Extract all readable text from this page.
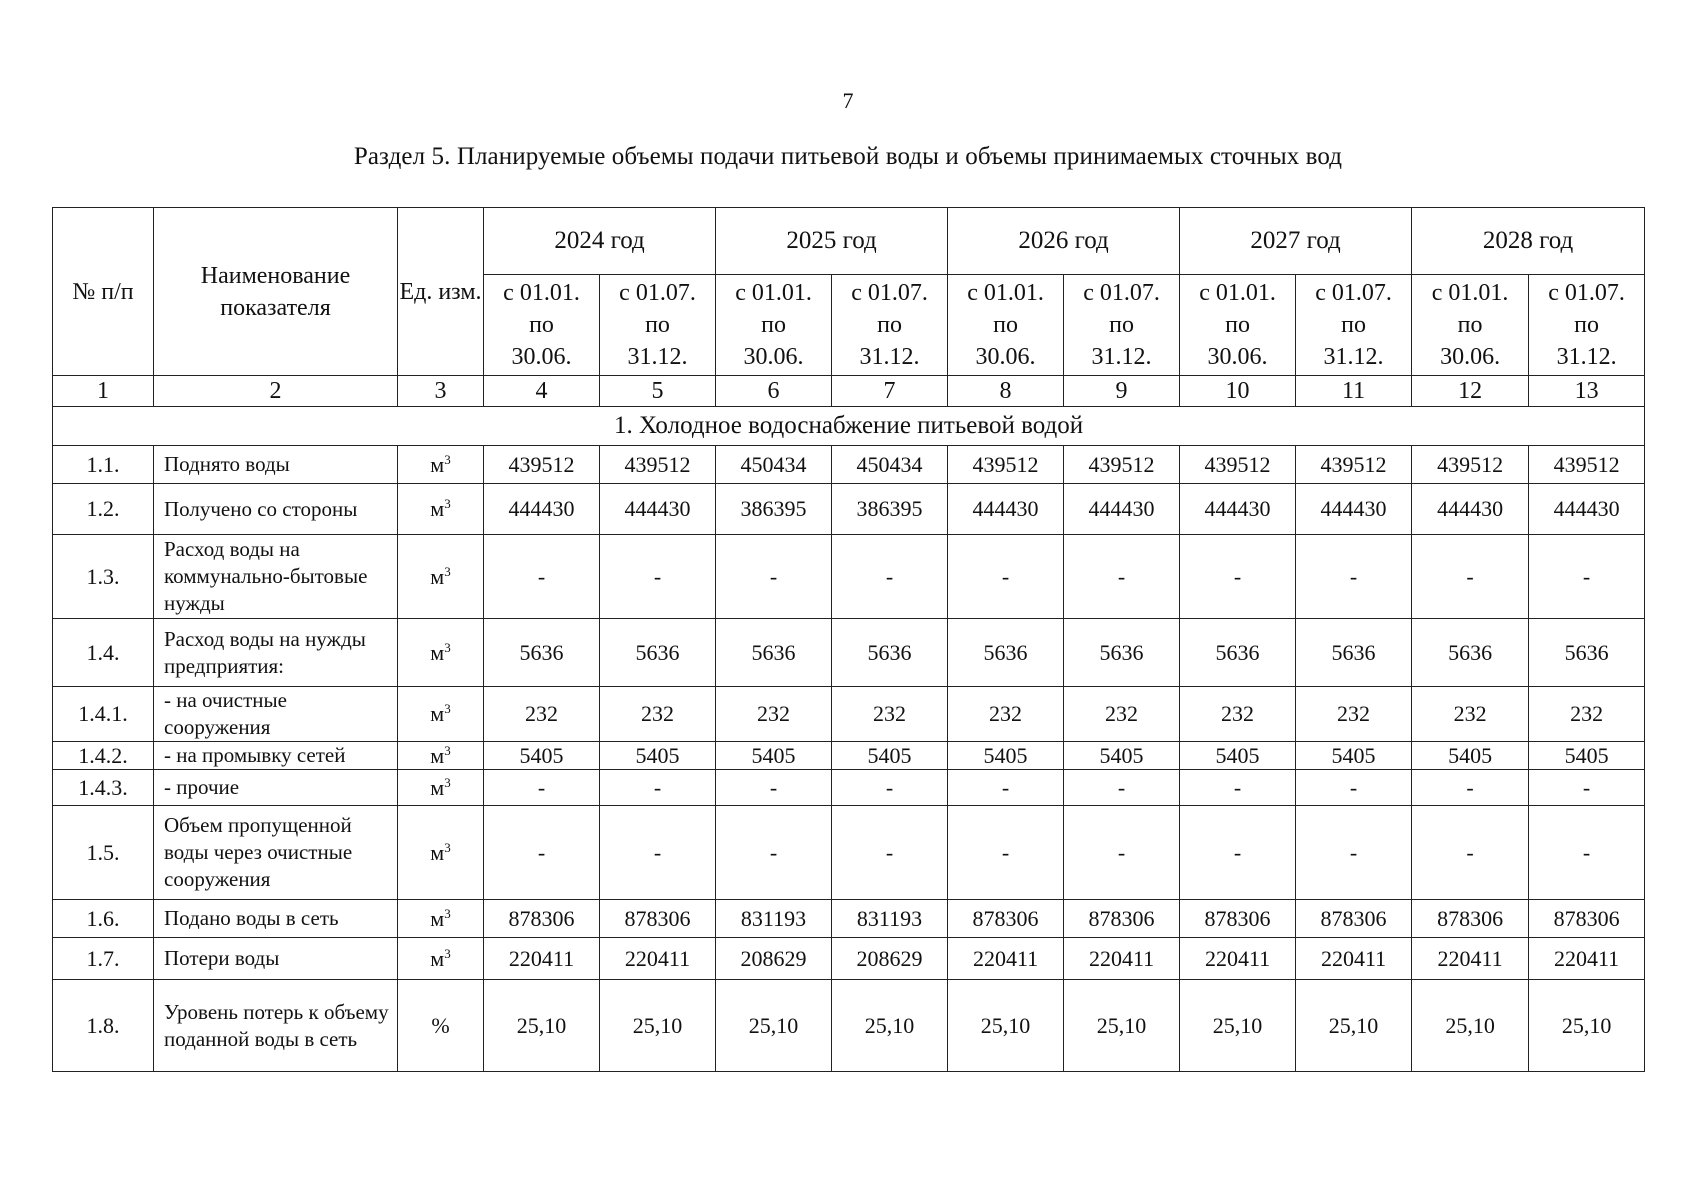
7
Раздел 5. Планируемые объемы подачи питьевой воды и объемы принимаемых сточных вод
№ п/п	Наименование показателя	Ед. изм.	2024 год		2025 год		2026 год		2027 год		2028 год	

			с 01.01.
по
30.06.	с 01.07.
по
31.12.	с 01.01.
по
30.06.	с 01.07.
по
31.12.	с 01.01.
по
30.06.	с 01.07.
по
31.12.	с 01.01.
по
30.06.	с 01.07.
по
31.12.	с 01.01.
по
30.06.	с 01.07.
по
31.12.

1	2	3	4	5	6	7	8	9	10	11	12	13
1. Холодное водоснабжение питьевой водой												
1.1.	Поднято воды	$м^3$	439512	439512	450434	450434	439512	439512	439512	439512	439512	439512
1.2.	Получено со стороны	$м^3$	444430	444430	386395	386395	444430	444430	444430	444430	444430	444430
1.3.	Расход воды на коммунально-бытовые нужды	$м^3$	-	-	-	-	-	-	-	-	-	-
1.4.	Расход воды на нужды предприятия:	$м^3$	5636	5636	5636	5636	5636	5636	5636	5636	5636	5636
1.4.1.	- на очистные сооружения	$м^3$	232	232	232	232	232	232	232	232	232	232
1.4.2.	- на промывку сетей	$м^3$	5405	5405	5405	5405	5405	5405	5405	5405	5405	5405
1.4.3.	- прочие	$м^3$	-	-	-	-	-	-	-	-	-	-
1.5.	Объем пропущенной воды через очистные сооружения	$м^3$	-	-	-	-	-	-	-	-	-	-
1.6.	Подано воды в сеть	$м^3$	878306	878306	831193	831193	878306	878306	878306	878306	878306	878306
1.7.	Потери воды	$м^3$	220411	220411	208629	208629	220411	220411	220411	220411	220411	220411
1.8.	Уровень потерь к объему поданной воды в сеть	%	25,10	25,10	25,10	25,10	25,10	25,10	25,10	25,10	25,10	25,10
